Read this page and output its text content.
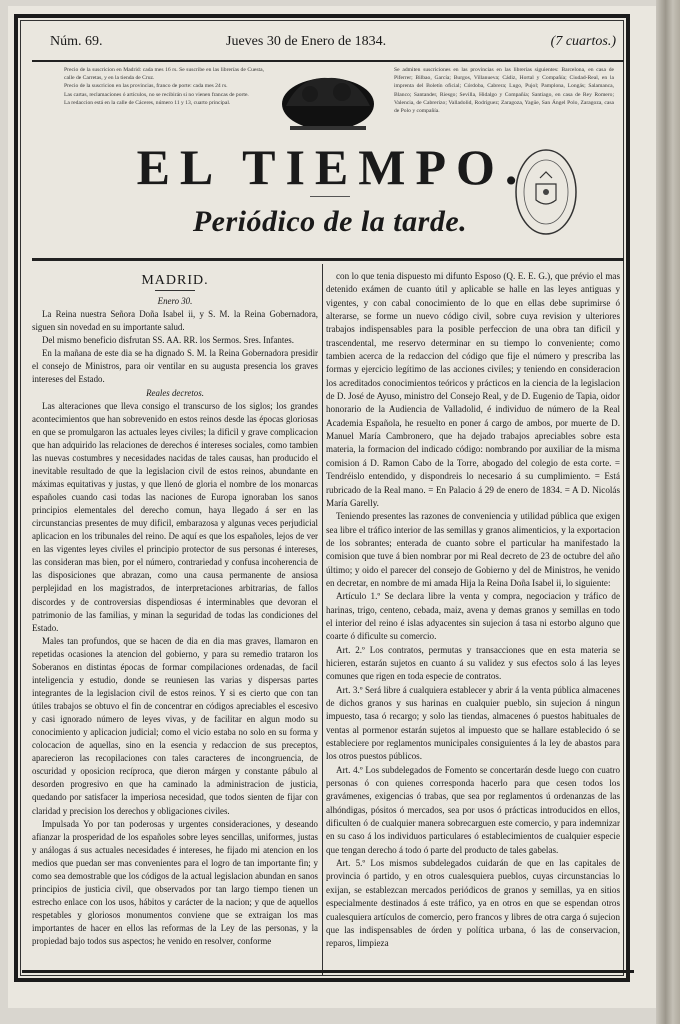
Núm. 69.	Jueves 30 de Enero de 1834.	(7 cuartos.)

Precio de la suscricion en Madrid: cada mes 16 rs. Se suscribe en las librerías de Cuesta, calle de Carretas, y en la tienda de Cruz.

Precio de la suscricion en las provincias, franco de porte: cada mes 24 rs.

Las cartas, reclamaciones ó artículos, no se recibirán si no vienen francas de porte.

La redaccion está en la calle de Cáceres, número 11 y 13, cuarto principal.

Se admiten suscriciones en las provincias en las librerías siguientes: Barcelona, en casa de Piferrer; Bilbao, García; Burgos, Villanueva; Cádiz, Hortal y Compañía; Ciudad-Real, en la imprenta del Boletín oficial; Córdoba, Cabrera; Lugo, Pujol; Pamplona, Longás; Salamanca, Blanco; Santander, Riesgo; Sevilla, Hidalgo y Compañía; Santiago, en casa de Rey Romero; Valencia, de Cabrerizo; Valladolid, Rodríguez; Zaragoza, Yagüe, San Ángel Polo, Zaragoza, casa de Polo y compañía.

EL TIEMPO.
Periódico de la tarde.

MADRID.

Enero 30.

La Reina nuestra Señora Doña Isabel ii, y S. M. la Reina Gobernadora, siguen sin novedad en su importante salud.

Del mismo beneficio disfrutan SS. AA. RR. los Sermos. Sres. Infantes.

En la mañana de este dia se ha dignado S. M. la Reina Gobernadora presidir el consejo de Ministros, para oir ventilar en su augusta presencia los graves intereses del Estado.

Reales decretos.

Las alteraciones que lleva consigo el transcurso de los siglos; los grandes acontecimientos que han sobrevenido en estos reinos desde las épocas gloriosas en que se promulgaron las actuales leyes civiles; la dificil y grave complicacion que han adquirido las relaciones de derechos é intereses sociales, como tambien las nuevas costumbres y necesidades nacidas de tales causas, han producido el inevitable resultado de que la legislacion civil de estos reinos, abundante en máximas equitativas y justas, y que llenó de gloria el nombre de los monarcas españoles cuando casi todas las naciones de Europa ignoraban los sanos principios elementales del derecho comun, haya llegado á ser en las circunstancias presentes de muy dificil, embarazosa y algunas veces perjudicial aplicacion en los tribunales del reino. De aquí es que los españoles, lejos de ver en las vigentes leyes civiles el principio protector de sus personas é intereses, las consideran mas bien, por el número, contrariedad y confusa incoherencia de las disposiciones que abrazan, como una causa permanente de ansiosa perplejidad en los magistrados, de interpretaciones arbitrarias, de fallos discordes y de controversias dispendiosas é interminables que devoran el patrimonio de las familias, y minan la seguridad de todas las condiciones del Estado.

Males tan profundos, que se hacen de dia en dia mas graves, llamaron en repetidas ocasiones la atencion del gobierno, y para su remedio trataron los Soberanos en distintas épocas de formar compilaciones ordenadas, de facil inteligencia y estudio, donde se reuniesen las varias y dispersas partes integrantes de la legislacion civil de estos reinos. Y si es cierto que con tan útiles trabajos se obtuvo el fin de concentrar en códigos apreciables el escesivo y casi ignorado número de leyes vivas, y de facilitar en algun modo su conocimiento y aplicacion judicial; como el vicio estaba no solo en su forma y colocacion de aquellas, sino en la esencia y redaccion de sus preceptos, aparecieron las recopilaciones con tales caracteres de incongruencia, de oscuridad y oposicion recíproca, que dieron márgen y constante pábulo al desorden progresivo en que ha caminado la administracion de justicia, quedando por satisfacer la imperiosa necesidad, que todos sienten de fijar con claridad y precision los derechos y obligaciones civiles.

Impulsada Yo por tan poderosas y urgentes consideraciones, y deseando afianzar la prosperidad de los españoles sobre leyes sencillas, uniformes, justas y análogas á sus actuales necesidades é intereses, he fijado mi atencion en los medios que puedan ser mas convenientes para el logro de tan importante fin; y como sea demostrable que los códigos de la actual legislacion abundan en sanos principios de justicia civil, que observados por tan largo tiempo tienen un estrecho enlace con los usos, hábitos y carácter de la nacion; y que de aquellos respetables y gloriosos monumentos conviene que se extraigan los mas importantes de hacer en ellos las reformas de la Ley de las personas, y la propiedad bajo todos sus aspectos; he venido en resolver, conforme

con lo que tenia dispuesto mi difunto Esposo (Q. E. E. G.), que prévio el mas detenido exámen de cuanto útil y aplicable se halle en las leyes antiguas y vigentes, y con cabal conocimiento de lo que en ellas debe suprimirse ó alterarse, se forme un nuevo código civil, sobre cuya revision y ulteriores trabajos indispensables para la posible perfeccion de una obra tan dificil y trascendental, me reservo determinar en su tiempo lo conveniente; como tambien acerca de la redaccion del código que fije el número y prescriba las formas y ejercicio legítimo de las acciones civiles; y teniendo en consideracion los acreditados conocimientos teóricos y prácticos en la ciencia de la legislacion de D. José de Ayuso, ministro del Consejo Real, y de D. Eugenio de Tapia, oidor honorario de la Audiencia de Valladolid, é individuo de número de la Real Academia Española, he resuelto en poner á cargo de ambos, por muerte de D. Manuel María Cambronero, que ha dejado trabajos apreciables sobre esta materia, la formacion del indicado código: nombrando por auxiliar de la misma comision á D. Ramon Cabo de la Torre, abogado del colegio de esta corte. = Tendréislo entendido, y dispondreis lo necesario á su cumplimiento. = Está rubricado de la Real mano. = En Palacio á 29 de enero de 1834. = A D. Nicolás María Garelly.

Teniendo presentes las razones de conveniencia y utilidad pública que exigen sea libre el tráfico interior de las semillas y granos alimenticios, y la exportacion de los sobrantes; enterada de cuanto sobre el particular ha manifestado la comision que tuve á bien nombrar por mi Real decreto de 23 de octubre del año último; y oido el parecer del consejo de Gobierno y del de Ministros, he venido en decretar, en nombre de mi amada Hija la Reina Doña Isabel ii, lo siguiente:

Artículo 1.º Se declara libre la venta y compra, negociacion y tráfico de harinas, trigo, centeno, cebada, maiz, avena y demas granos y semillas en todo el interior del reino é islas adyacentes sin sujecion á tasa ni estorbo alguno que coarte ó dificulte su comercio.

Art. 2.º Los contratos, permutas y transacciones que en esta materia se hicieren, estarán sujetos en cuanto á su validez y sus efectos solo á las leyes comunes que rigen en toda especie de contratos.

Art. 3.º Será libre á cualquiera establecer y abrir á la venta pública almacenes de dichos granos y sus harinas en cualquier pueblo, sin sujecion á ningun impuesto, tasa ó recargo; y solo las tiendas, almacenes ó puestos habituales de ventas al pormenor estarán sujetos al impuesto que se hallare establecido ó se estableciere por reglamentos municipales consiguientes á la ley de abastos para los otros puestos públicos.

Art. 4.º Los subdelegados de Fomento se concertarán desde luego con cuatro personas ó con quienes corresponda hacerlo para que cesen todos los gravámenes, exigencias ó trabas, que sea por reglamentos ú ordenanzas de las alhóndigas, pósitos ó mercados, sea por usos ó prácticas introducidos en ellos, dificulten ó de cualquier manera sobrecarguen este comercio, y para indemnizar en su caso á los individuos particulares ó establecimientos de cualquier especie que tengan derecho á todo ó parte del producto de tales gabelas.

Art. 5.º Los mismos subdelegados cuidarán de que en las capitales de provincia ó partido, y en otros cualesquiera pueblos, cuyas circunstancias lo exijan, se establezcan mercados periódicos de granos y semillas, ya en sitios especialmente destinados á este tráfico, ya en otros en que se espendan otros cualesquiera artículos de comercio, pero francos y libres de otra carga ó sujecion que las indispensables de órden y política urbana, ó las de conservacion, reparos, limpieza
